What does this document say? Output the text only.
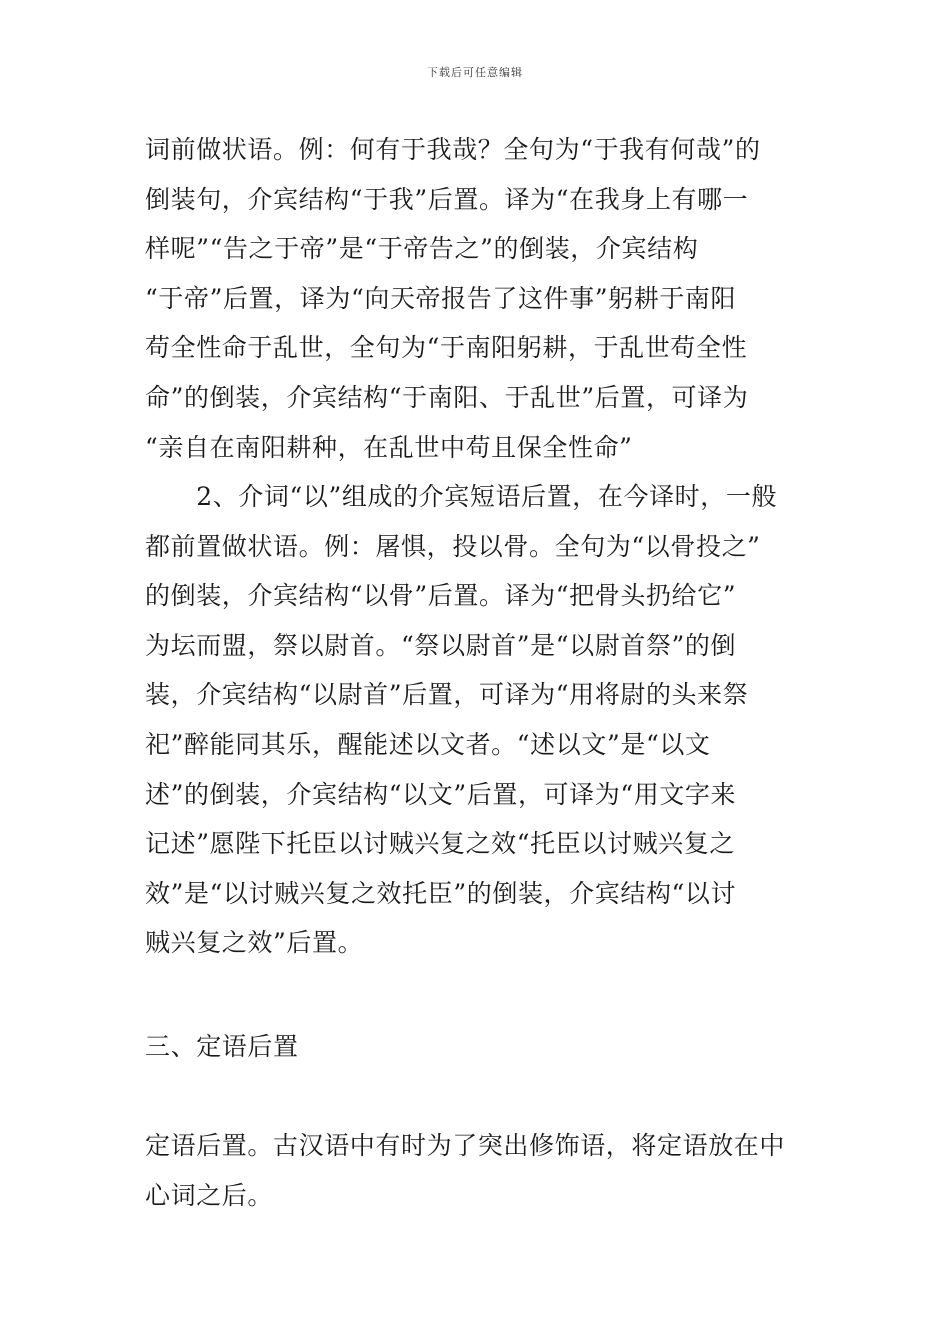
下载后可任意编辑
词前做状语。例：何有于我哉？全句为“于我有何哉”的
倒装句，介宾结构“于我”后置。译为“在我身上有哪一
样呢”“告之于帝”是“于帝告之”的倒装，介宾结构
“于帝”后置，译为“向天帝报告了这件事”躬耕于南阳
苟全性命于乱世，全句为“于南阳躬耕，于乱世苟全性
命”的倒装，介宾结构“于南阳、于乱世”后置，可译为
“亲自在南阳耕种，在乱世中苟且保全性命”
　　2、介词“以”组成的介宾短语后置，在今译时，一般
都前置做状语。例：屠惧，投以骨。全句为“以骨投之”
的倒装，介宾结构“以骨”后置。译为“把骨头扔给它”
为坛而盟，祭以尉首。“祭以尉首”是“以尉首祭”的倒
装，介宾结构“以尉首”后置，可译为“用将尉的头来祭
祀”醉能同其乐，醒能述以文者。“述以文”是“以文
述”的倒装，介宾结构“以文”后置，可译为“用文字来
记述”愿陛下托臣以讨贼兴复之效“托臣以讨贼兴复之
效”是“以讨贼兴复之效托臣”的倒装，介宾结构“以讨
贼兴复之效”后置。
三、定语后置
定语后置。古汉语中有时为了突出修饰语，将定语放在中
心词之后。
